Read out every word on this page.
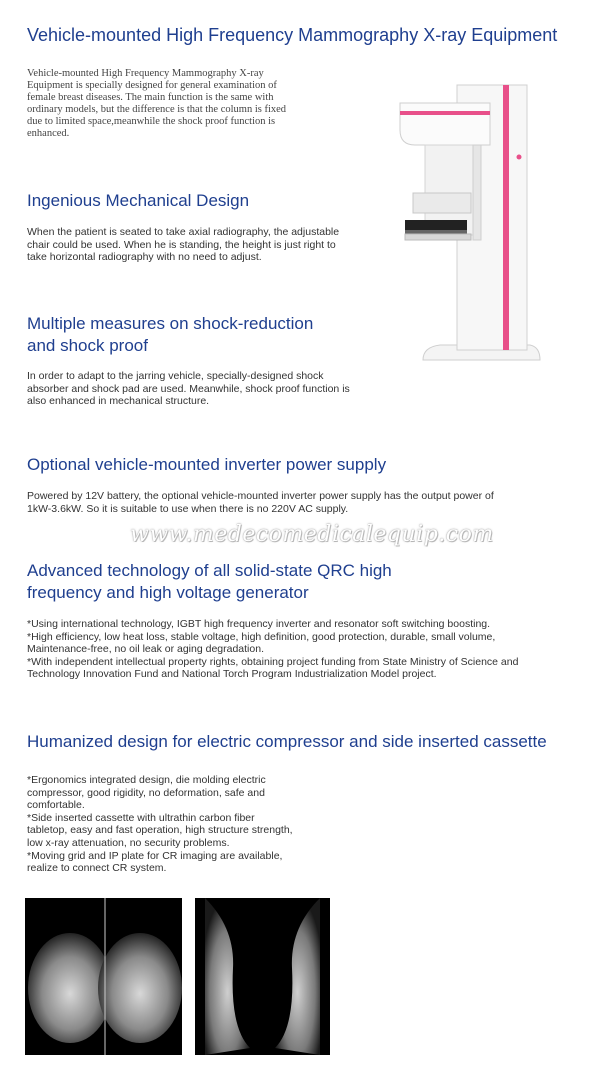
Vehicle-mounted High Frequency Mammography X-ray Equipment

Vehicle-mounted High Frequency Mammography X-ray Equipment is specially designed for general examination of female breast diseases. The main function is the same with ordinary models, but the difference is that the column is fixed due to limited space,meanwhile the shock proof function is enhanced.

Ingenious Mechanical Design

When the patient is seated to take axial radiography, the adjustable chair could be used. When he is standing, the height is just right to take horizontal radiography with no need to adjust.

Multiple measures on shock-reduction and shock proof

In order to adapt to the jarring vehicle, specially-designed shock absorber and shock pad are used. Meanwhile, shock proof function is also enhanced in mechanical structure.

Optional vehicle-mounted inverter power supply

Powered by 12V battery, the optional vehicle-mounted inverter power supply has the output power of 1kW-3.6kW. So it is suitable to use when there is no 220V AC supply.

www.medecomedicalequip.com
Advanced technology of all solid-state QRC high frequency and high voltage generator

*Using international technology, IGBT high frequency inverter and resonator soft switching boosting.
*High efficiency, low heat loss, stable voltage, high definition, good protection, durable, small volume, Maintenance-free, no oil leak or aging degradation.
*With independent intellectual property rights, obtaining project funding from State Ministry of Science and Technology Innovation Fund and National Torch Program Industrialization Model project.

Humanized design for electric compressor and side inserted cassette

*Ergonomics integrated design, die molding electric compressor, good rigidity, no deformation, safe and comfortable.
*Side inserted cassette with ultrathin carbon fiber tabletop, easy and fast operation, high structure strength, low x-ray attenuation, no security problems.
*Moving grid and IP plate for CR imaging are available, realize to connect CR system.
